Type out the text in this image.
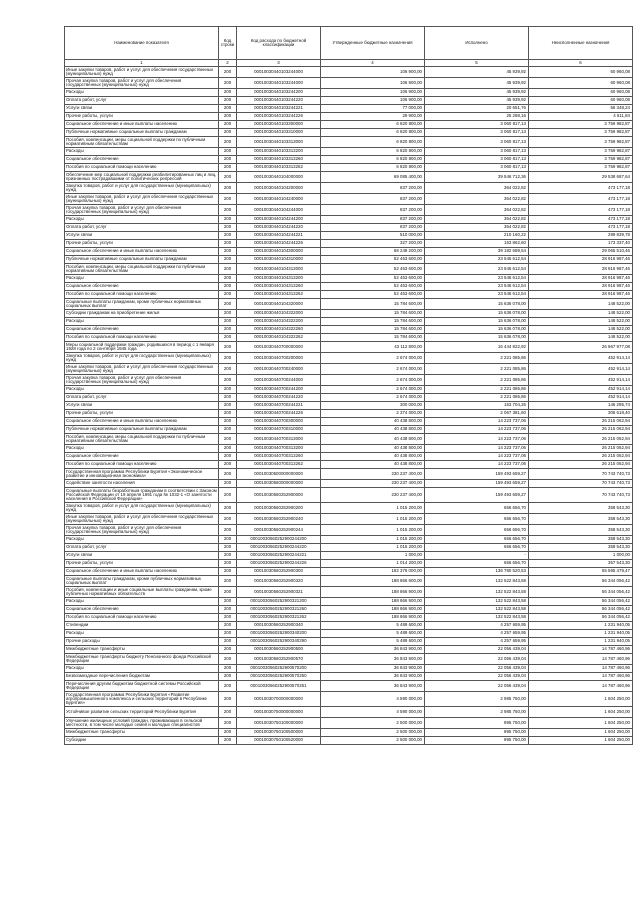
Наименование показателя	Код строки	Код расхода по бюджетной классификации	Утвержденные бюджетные назначения	Исполнено	Неисполненные назначения
1	2	3	4	5	6
Иные закупки товаров, работ и услуг для обеспечения государственных (муниципальных) нужд	200	00010030440103244000	106 900,00	45 939,92	60 960,08
Прочая закупка товаров, работ и услуг для обеспечения государственных (муниципальных) нужд	200	00010030440103244000	106 900,00	45 939,92	60 960,08
Расходы	200	00010030440103244200	106 900,00	45 939,92	60 960,08
Оплата работ, услуг	200	00010030440103244220	106 900,00	45 939,92	60 960,08
Услуги связи	200	00010030440103244221	77 000,00	20 651,76	56 348,24
Прочие работы, услуги	200	00010030440103244226	29 900,00	25 288,16	4 611,84
Социальное обеспечение и иные выплаты населению	200	00010030440103300000	6 820 800,00	3 060 817,13	3 759 982,87
Публичные нормативные социальные выплаты гражданам	200	00010030440103310000	6 820 800,00	3 060 817,13	3 759 982,87
Пособия, компенсации, меры социальной поддержки по публичным нормативным обязательствам	200	00010030440103313000	6 820 800,00	3 060 817,13	3 759 982,87
Расходы	200	00010030440103313200	6 820 800,00	3 060 817,13	3 759 982,87
Социальное обеспечение	200	00010030440103313260	6 820 800,00	3 060 817,13	3 759 982,87
Пособия по социальной помощи населению	200	00010030440103313262	6 820 800,00	3 060 817,13	3 759 982,87
Обеспечение мер социальной поддержки реабилитированных лиц и лиц, признанных пострадавшими от политических репрессий	200	00010030440104000000	69 085 400,00	39 546 712,36	29 538 687,64
Закупка товаров, работ и услуг для государственных (муниципальных) нужд	200	00010030440104200000	837 200,00	364 022,82	473 177,18
Иные закупки товаров, работ и услуг для обеспечения государственных (муниципальных) нужд	200	00010030440104240000	837 200,00	364 022,82	473 177,18
Прочая закупка товаров, работ и услуг для обеспечения государственных (муниципальных) нужд	200	00010030440104244000	837 200,00	364 022,82	473 177,18
Расходы	200	00010030440104244200	837 200,00	364 022,82	473 177,18
Оплата работ, услуг	200	00010030440104244220	837 200,00	364 022,82	473 177,18
Услуги связи	200	00010030440104244221	510 000,00	210 160,22	299 839,78
Прочие работы, услуги	200	00010030440104244226	327 200,00	153 862,60	173 337,40
Социальное обеспечение и иные выплаты населению	200	00010030440104300000	68 248 200,00	39 182 689,54	29 065 510,46
Публичные нормативные социальные выплаты гражданам	200	00010030440104310000	52 463 600,00	23 546 612,54	28 916 987,46
Пособия, компенсации, меры социальной поддержки по публичным нормативным обязательствам	200	00010030440104313000	52 463 600,00	23 546 612,54	28 916 987,46
Расходы	200	00010030440104313200	52 463 600,00	23 546 612,54	28 916 987,46
Социальное обеспечение	200	00010030440104313260	52 463 600,00	23 546 612,54	28 916 987,46
Пособия по социальной помощи населению	200	00010030440104313262	52 463 600,00	23 546 612,54	28 916 987,46
Социальные выплаты гражданам, кроме публичных нормативных социальных выплат	200	00010030440104320000	15 784 600,00	15 636 078,00	148 522,00
Субсидии гражданам на приобретение жилья	200	00010030440104322000	15 784 600,00	15 636 078,00	148 522,00
Расходы	200	00010030440104322200	15 784 600,00	15 636 078,00	148 522,00
Социальное обеспечение	200	00010030440104322260	15 784 600,00	15 636 078,00	148 522,00
Пособия по социальной помощи населению	200	00010030440104322262	15 784 600,00	15 636 078,00	148 522,00
Меры социальной поддержки граждан, родившихся в период с 1 января 1928 года по 2 сентября 1945 года	200	00010030440700000000	43 112 800,00	16 444 822,92	26 667 977,08
Закупка товаров, работ и услуг для государственных (муниципальных) нужд	200	00010030440700200000	2 674 000,00	2 221 085,86	452 914,14
Иные закупки товаров, работ и услуг для обеспечения государственных (муниципальных) нужд	200	00010030440700240000	2 674 000,00	2 221 085,86	452 914,14
Прочая закупка товаров, работ и услуг для обеспечения государственных (муниципальных) нужд	200	00010030440700244000	2 674 000,00	2 221 085,86	452 914,14
Расходы	200	00010030440700244200	2 674 000,00	2 221 085,86	452 914,14
Оплата работ, услуг	200	00010030440700244220	2 674 000,00	2 221 085,86	452 914,14
Услуги связи	200	00010030440700244221	300 000,00	153 704,26	146 295,74
Прочие работы, услуги	200	00010030440700244226	2 374 000,00	2 067 381,60	306 618,40
Социальное обеспечение и иные выплаты населению	200	00010030440700300000	40 438 800,00	14 223 737,06	26 215 062,94
Публичные нормативные социальные выплаты гражданам	200	00010030440700310000	40 438 800,00	14 223 737,06	26 215 062,94
Пособия, компенсации, меры социальной поддержки по публичным нормативным обязательствам	200	00010030440700313000	40 438 800,00	14 223 737,06	26 215 062,94
Расходы	200	00010030440700313200	40 438 800,00	14 223 737,06	26 215 062,94
Социальное обеспечение	200	00010030440700313260	40 438 800,00	14 223 737,06	26 215 062,94
Пособия по социальной помощи населению	200	00010030440700313262	40 438 800,00	14 223 737,06	26 215 062,94
Государственная программа Республики Бурятия «Экономическое развитие и инновационная экономика»	200	00010030500000000000	230 237 400,00	159 493 659,27	70 743 740,73
Содействие занятости населения	200	00010030560000000000	230 237 400,00	159 493 659,27	70 743 740,73
Социальные выплаты безработным гражданам в соответствии с Законом Российской Федерации от 19 апреля 1991 года № 1032-1 «О занятости населения в Российской Федерации»	200	00010030560252900000	230 237 400,00	159 493 659,27	70 743 740,73
Закупка товаров, работ и услуг для государственных (муниципальных) нужд	200	00010030560252900200	1 015 200,00	656 656,70	358 543,30
Иные закупки товаров, работ и услуг для обеспечения государственных (муниципальных) нужд	200	00010030560252900240	1 015 200,00	656 656,70	358 543,30
Прочая закупка товаров, работ и услуг для обеспечения государственных (муниципальных) нужд	200	00010030560252900244	1 015 200,00	656 656,70	358 543,30
Расходы	200	00010030560252900244200	1 015 200,00	656 656,70	358 543,30
Оплата работ, услуг	200	00010030560252900244220	1 015 200,00	656 656,70	358 543,30
Услуги связи	200	00010030560252900244221	1 000,00	-	1 000,00
Прочие работы, услуги	200	00010030560252900244226	1 014 200,00	656 656,70	357 543,30
Социальное обеспечение и иные выплаты населению	200	00010030560252900300	192 376 000,00	136 780 520,53	55 595 479,47
Социальные выплаты гражданам, кроме публичных нормативных социальных выплат	200	00010030560252900320	188 866 900,00	132 522 843,58	56 344 056,42
Пособия, компенсации и иные социальные выплаты гражданам, кроме публичных нормативных обязательств	200	00010030560252900321	188 866 900,00	132 522 843,58	56 344 056,42
Расходы	200	00010030560252900321200	188 866 900,00	132 522 843,58	56 344 056,42
Социальное обеспечение	200	00010030560252900321260	188 866 900,00	132 522 843,58	56 344 056,42
Пособия по социальной помощи населению	200	00010030560252900321262	188 866 900,00	132 522 843,58	56 344 056,42
Стипендии	200	00010030560252900340	5 489 600,00	4 257 659,95	1 231 940,05
Расходы	200	00010030560252900340200	5 489 600,00	4 257 659,95	1 231 940,05
Прочие расходы	200	00010030560252900340290	5 489 600,00	4 257 659,95	1 231 940,05
Межбюджетные трансферты	200	00010030560252900500	36 843 900,00	22 056 439,04	14 787 460,96
Межбюджетные трансферты бюджету Пенсионного фонда Российской Федерации	200	00010030560252900570	36 843 900,00	22 056 439,04	14 787 460,96
Расходы	200	00010030560252900570200	36 843 900,00	22 056 439,04	14 787 460,96
Безвозмездные перечисления бюджетам	200	00010030560252900570250	36 843 900,00	22 056 439,04	14 787 460,96
Перечисления другим бюджетам бюджетной системы Российской Федерации	200	00010030560252900570251	36 843 900,00	22 056 439,04	14 787 460,96
Государственная программа Республики Бурятия «Развитие агропромышленного комплекса и сельских территорий в Республике Бурятия»	200	00010030700000000000	4 590 000,00	2 985 750,00	1 604 250,00
Устойчивое развитие сельских территорий Республики Бурятия	200	00010030750000000000	4 590 000,00	2 985 750,00	1 604 250,00
Улучшение жилищных условий граждан, проживающих в сельской местности, в том числе молодых семей и молодых специалистов	200	00010030750100000000	2 500 000,00	895 750,00	1 604 250,00
Межбюджетные трансферты	200	00010030750100500000	2 500 000,00	895 750,00	1 604 250,00
Субсидии	200	00010030750100520000	2 500 000,00	895 750,00	1 604 250,00
